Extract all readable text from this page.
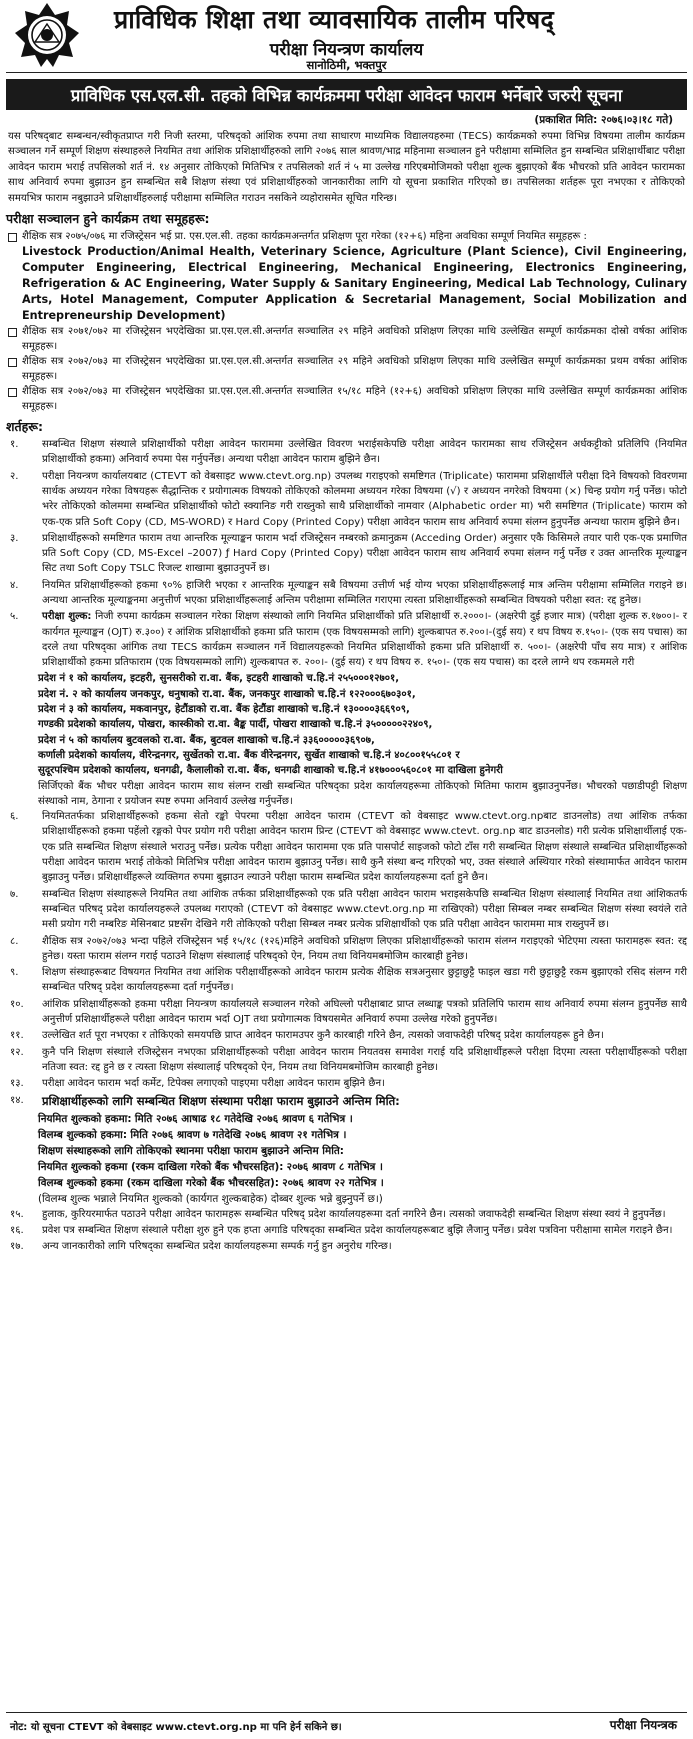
प्राविधिक शिक्षा तथा व्यावसायिक तालीम परिषद्
परीक्षा नियन्त्रण कार्यालय
सानोठिमी, भक्तपुर
प्राविधिक एस.एल.सी. तहको विभिन्न कार्यक्रममा परीक्षा आवेदन फाराम भर्नेबारे जरुरी सूचना
(प्रकाशित मिति: २०७६।०३।१८ गते)
यस परिषद्‌बाट सम्बन्धन/स्वीकृतप्राप्त गरी निजी स्तरमा, परिषद्‌को आंशिक रुपमा तथा साधारण माध्यमिक विद्यालयहरुमा (TECS) कार्यक्रमको रुपमा विभिन्न विषयमा तालीम कार्यक्रम सञ्चालन गर्ने सम्पूर्ण शिक्षण संस्थाहरुले नियमित तथा आंशिक प्रशिक्षार्थीहरुको लागि २०७६ साल श्रावण/भाद्र महिनामा सञ्चालन हुने परीक्षामा सम्मिलित हुन सम्बन्धित प्रशिक्षार्थीबाट परीक्षा आवेदन फाराम भराई तपसिलको शर्त नं. १४ अनुसार तोकिएको मितिभित्र र तपसिलको शर्त नं ५ मा उल्लेख गरिएबमोजिमको परीक्षा शुल्क बुझाएको बैंक भौचरको प्रति आवेदन फारामका साथ अनिवार्य रुपमा बुझाउन हुन सम्बन्धित सबै शिक्षण संस्था एवं प्रशिक्षार्थीहरुको जानकारीका लागि यो सूचना प्रकाशित गरिएको छ। तपसिलका शर्तहरू पूरा नभएका र तोकिएको समयभित्र फाराम नबुझाउने प्रशिक्षार्थीहरुलाई परीक्षामा सम्मिलित गराउन नसकिने व्यहोरासमेत सूचित गरिन्छ।
परीक्षा सञ्चालन हुने कार्यक्रम तथा समूहहरू:
शैक्षिक सत्र २०७५/०७६ मा रजिस्ट्रेसन भई प्रा. एस.एल.सी. तहका कार्यक्रमअन्तर्गत प्रशिक्षण पूरा गरेका (१२+६) महिना अवधिका सम्पूर्ण नियमित समूहहरू :
Livestock Production/Animal Health, Veterinary Science, Agriculture (Plant Science), Civil Engineering, Computer Engineering, Electrical Engineering, Mechanical Engineering, Electronics Engineering, Refrigeration & AC Engineering, Water Supply & Sanitary Engineering, Medical Lab Technology, Culinary Arts, Hotel Management, Computer Application & Secretarial Management, Social Mobilization and Entrepreneurship Development)
शैक्षिक सत्र २०७१/०७२ मा रजिस्ट्रेसन भएदेखिका प्रा.एस.एल.सी.अन्तर्गत सञ्चालित २९ महिने अवधिको प्रशिक्षण लिएका माथि उल्लेखित सम्पूर्ण कार्यक्रमका दोस्रो वर्षका आंशिक समूहहरू।
शैक्षिक सत्र २०७२/०७३ मा रजिस्ट्रेसन भएदेखिका प्रा.एस.एल.सी.अन्तर्गत सञ्चालित २९ महिने अवधिको प्रशिक्षण लिएका माथि उल्लेखित सम्पूर्ण कार्यक्रमका प्रथम वर्षका आंशिक समूहहरू।
शैक्षिक सत्र २०७२/०७३ मा रजिस्ट्रेसन भएदेखिका प्रा.एस.एल.सी.अन्तर्गत सञ्चालित १५/१८ महिने (१२+६) अवधिको प्रशिक्षण लिएका माथि उल्लेखित सम्पूर्ण कार्यक्रमका आंशिक समूहहरू।
शर्तहरू:
१.	सम्बन्धित शिक्षण संस्थाले प्रशिक्षार्थीको परीक्षा आवेदन फाराममा उल्लेखित विवरण भराईसकेपछि परीक्षा आवेदन फारामका साथ रजिस्ट्रेसन अर्धकट्टीको प्रतिलिपि (नियमित प्रशिक्षार्थीको हकमा) अनिवार्य रुपमा पेस गर्नुपर्नेछ। अन्यथा परीक्षा आवेदन फाराम बुझिने छैन।
२.	परीक्षा नियन्त्रण कार्यालयबाट (CTEVT को वेबसाइट www.ctevt.org.np) उपलब्ध गराइएको समष्टिगत (Triplicate) फाराममा प्रशिक्षार्थीले परीक्षा दिने विषयको विवरणमा सार्थक अध्ययन गरेका विषयहरू सैद्धान्तिक र प्रयोगात्मक विषयको तोकिएको कोलममा अध्ययन गरेका विषयमा (√) र अध्ययन नगरेको विषयमा (×) चिन्ह प्रयोग गर्नु पर्नेछ। फोटो भरेर तोकिएको कोलममा सम्बन्धित प्रशिक्षार्थीको फोटो स्क्यानिङ गरी राख्नुको साथै प्रशिक्षार्थीको नामवार (Alphabetic order मा) भरी समष्टिगत (Triplicate) फाराम को एक-एक प्रति Soft Copy (CD, MS-WORD) र Hard Copy (Printed Copy) परीक्षा आवेदन फाराम साथ अनिवार्य रुपमा संलग्न हुनुपर्नेछ अन्यथा फाराम बुझिने छैन।
३.	प्रशिक्षार्थीहरूको समष्टिगत फाराम तथा आन्तरिक मूल्याङ्कन फाराम भर्दा रजिस्ट्रेसन नम्बरको क्रमानुक्रम (Acceding Order) अनुसार एकै किसिमले तयार पारी एक-एक प्रमाणित प्रति Soft Copy (CD, MS-Excel –2007) ƒ Hard Copy (Printed Copy) परीक्षा आवेदन फाराम साथ अनिवार्य रुपमा संलग्न गर्नु पर्नेछ र उक्त आन्तरिक मूल्याङ्कन सिट तथा Soft Copy TSLC रिजल्ट शाखामा बुझाउनुपर्ने छ।
४.	नियमित प्रशिक्षार्थीहरूको हकमा ९०% हाजिरी भएका र आन्तरिक मूल्याङ्कन सबै विषयमा उत्तीर्ण भई योग्य भएका प्रशिक्षार्थीहरूलाई मात्र अन्तिम परीक्षामा सम्मिलित गराइने छ। अन्यथा आन्तरिक मूल्याङ्कनमा अनुत्तीर्ण भएका प्रशिक्षार्थीहरूलाई अन्तिम परीक्षामा सम्मिलित गराएमा त्यस्ता प्रशिक्षार्थीहरूको सम्बन्धित विषयको परीक्षा स्वत: रद्द हुनेछ।
५.	परीक्षा शुल्क: निजी रुपमा कार्यक्रम सञ्चालन गरेका शिक्षण संस्थाको लागि नियमित प्रशिक्षार्थीको प्रति प्रशिक्षार्थी रु.२०००।- (अक्षरेपी दुई हजार मात्र) (परीक्षा शुल्क रु.१७००।- र कार्यगत मूल्याङ्कन (OJT) रु.३००) र आंशिक प्रशिक्षार्थीको हकमा प्रति फाराम (एक विषयसम्मको लागि) शुल्कबापत रु.२००।-(दुई सय) र थप विषय रु.१५०।- (एक सय पचास) का दरले तथा परिषद्‌का आंगिक तथा TECS कार्यक्रम सञ्चालन गर्ने विद्यालयहरूको नियमित प्रशिक्षार्थीको हकमा प्रति प्रशिक्षार्थी रु. ५००।- (अक्षरेपी पाँच सय मात्र) र आंशिक प्रशिक्षार्थीको हकमा प्रतिफाराम (एक विषयसम्मको लागि) शुल्कबापत रु. २००।- (दुई सय) र थप विषय रु. १५०।- (एक सय पचास) का दरले लाग्ने थप रकममले गरी
प्रदेश नं १ को कार्यालय, इटहरी, सुनसरीको रा.वा. बैंक, इटहरी शाखाको च.हि.नं २५५०००१२७०१,
प्रदेश नं. २ को कार्यालय जनकपुर, धनुषाको रा.वा. बैंक, जनकपुर शाखाको च.हि.नं १२२०००६७०३०१,
प्रदेश नं ३ को कार्यालय, मकवानपुर, हेटौंडाको रा.वा. बैंक हेटौंडा शाखाको च.हि.नं १३००००३६६९०९,
गण्डकी प्रदेशको कार्यालय, पोखरा, कास्कीको रा.वा. बैङ्क पार्दी, पोखरा शाखाको च.हि.नं ३५०००००२२४०९,
प्रदेश नं ५ को कार्यालय बुटवलको रा.वा. बैंक, बुटवल शाखाको च.हि.नं ३३६०००००३६९०७,
कर्णाली प्रदेशको कार्यालय, वीरेन्द्रनगर, सुर्खेतको रा.वा. बैंक वीरेन्द्रनगर, सुर्खेत शाखाको च.हि.नं ४०८००१५५८०१ र
सुदूरपश्चिम प्रदेशको कार्यालय, धनगढी, कैलालीको रा.वा. बैंक, धनगढी शाखाको च.हि.नं ४१७०००५६०८०१ मा दाखिला हुनेगरी
सिर्जिएको बैंक भौचर परीक्षा आवेदन फाराम साथ संलग्न राखी सम्बन्धित परिषद्‌का प्रदेश कार्यालयहरूमा तोकिएको मितिमा फाराम बुझाउनुपर्नेछ। भौचरको पछाडीपट्टी शिक्षण संस्थाको नाम, ठेगाना र प्रयोजन स्पष्ट रुपमा अनिवार्य उल्लेख गर्नुपर्नेछ।
६.	नियमिततर्फका प्रशिक्षार्थीहरूको हकमा सेतो रङ्को पेपरमा परीक्षा आवेदन फाराम (CTEVT को वेबसाइट www.ctevt.org.npबाट डाउनलोड) तथा आंशिक तर्फका प्रशिक्षार्थीहरूको हकमा पहेंलो रङ्गको पेपर प्रयोग गरी परीक्षा आवेदन फाराम प्रिन्ट (CTEVT को वेबसाइट www.ctevt. org.np बाट डाउनलोड) गरी प्रत्येक प्रशिक्षार्थीलाई एक-एक प्रति सम्बन्धित शिक्षण संस्थाले भराउनु पर्नेछ। प्रत्येक परीक्षा आवेदन फाराममा एक प्रति पासपोर्ट साइजको फोटो टाँस गरी सम्बन्धित शिक्षण संस्थाले सम्बन्धित प्रशिक्षार्थीहरूको परीक्षा आवेदन फाराम भराई तोकेको मितिभित्र परीक्षा आवेदन फाराम बुझाउनु पर्नेछ। साथै कुनै संस्था बन्द गरिएको भए, उक्त संस्थाले अस्थियार गरेको संस्थामार्फत आवेदन फाराम बुझाउनु पर्नेछ। प्रशिक्षार्थीहरूले व्यक्तिगत रुपमा बुझाउन ल्याउने परीक्षा फाराम सम्बन्धित प्रदेश कार्यालयहरूमा दर्ता हुने छैन।
७.	सम्बन्धित शिक्षण संस्थाहरूले नियमित तथा आंशिक तर्फका प्रशिक्षार्थीहरूको एक प्रति परीक्षा आवेदन फाराम भराइसकेपछि सम्बन्धित शिक्षण संस्थालाई नियमित तथा आंशिकतर्फ सम्बन्धित परिषद् प्रदेश कार्यालयहरूले उपलब्ध गराएको (CTEVT को वेबसाइट www.ctevt.org.np मा राखिएको) परीक्षा सिम्बल नम्बर सम्बन्धित शिक्षण संस्था स्वयंले राते मसी प्रयोग गरी नम्बरिङ मेसिनबाट प्रष्टसँग देखिने गरी तोकिएको परीक्षा सिम्बल नम्बर प्रत्येक प्रशिक्षार्थीको एक प्रति परीक्षा आवेदन फाराममा मात्र राख्नुपर्ने छ।
८.	शैक्षिक सत्र २०७२/०७३ भन्दा पहिले रजिस्ट्रेसन भई १५/१८ (१२६)महिने अवधिको प्रशिक्षण लिएका प्रशिक्षार्थीहरूको फाराम संलग्न गराइएको भेटिएमा त्यस्ता फारामहरू स्वत: रद्द हुनेछ। यस्ता फाराम संलग्न गराई पठाउने शिक्षण संस्थालाई परिषद्‌को ऐन, नियम तथा विनियमबमोजिम कारबाही हुनेछ।
९.	शिक्षण संस्थाहरूबाट विषयगत नियमित तथा आंशिक परीक्षार्थीहरूको आवेदन फाराम प्रत्येक शैक्षिक सत्रअनुसार छुट्टाछुट्टै फाइल खडा गरी छुट्टाछुट्टै रकम बुझाएको रसिद संलग्न गरी सम्बन्धित परिषद् प्रदेश कार्यालयहरूमा दर्ता गर्नुपर्नेछ।
१०.	आंशिक प्रशिक्षार्थीहरूको हकमा परीक्षा नियन्त्रण कार्यालयले सञ्चालन गरेको अघिल्लो परीक्षाबाट प्राप्त लब्धाङ्क पत्रको प्रतिलिपि फाराम साथ अनिवार्य रुपमा संलग्न हुनुपर्नेछ साथै अनुत्तीर्ण प्रशिक्षार्थीहरूले परीक्षा आवेदन फाराम भर्दा OJT तथा प्रयोगात्मक विषयसमेत अनिवार्य रुपमा उल्लेख गरेको हुनुपर्नेछ।
११.	उल्लेखित शर्त पूरा नभएका र तोकिएको समयपछि प्राप्त आवेदन फारामउपर कुनै कारबाही गरिने छैन, त्यसको जवाफदेही परिषद् प्रदेश कार्यालयहरू हुने छैन।
१२.	कुनै पनि शिक्षण संस्थाले रजिस्ट्रेसन नभएका प्रशिक्षार्थीहरूको परीक्षा आवेदन फाराम नियतवस समावेश गराई यदि प्रशिक्षार्थीहरूले परीक्षा दिएमा त्यस्ता परीक्षार्थीहरूको परीक्षा नतिजा स्वत: रद्द हुने छ र त्यस्ता शिक्षण संस्थालाई परिषद्‌को ऐन, नियम तथा विनियमबमोजिम कारबाही हुनेछ।
१३.	परीक्षा आवेदन फाराम भर्दा कर्मेट, टिपेक्स लगाएको पाइएमा परीक्षा आवेदन फाराम बुझिने छैन।
१४.	प्रशिक्षार्थीहरूको लागि सम्बन्धित शिक्षण संस्थामा परीक्षा फाराम बुझाउने अन्तिम मिति:
नियमित शुल्कको हकमा: मिति २०७६ आषाढ १८ गतेदेखि २०७६ श्रावण ६ गतेभित्र ।
विलम्ब शुल्कको हकमा: मिति २०७६ श्रावण ७ गतेदेखि २०७६ श्रावण २१ गतेभित्र ।
शिक्षण संस्थाहरूको लागि तोकिएको स्थानमा परीक्षा फाराम बुझाउने अन्तिम मिति:
नियमित शुल्कको हकमा (रकम दाखिला गरेको बैंक भौचरसहित): २०७६ श्रावण ८ गतेभित्र ।
विलम्ब शुल्कको हकमा (रकम दाखिला गरेको बैंक भौचरसहित): २०७६ श्रावण २२ गतेभित्र ।
(विलम्ब शुल्क भन्नाले नियमित शुल्कको (कार्यगत शुल्कबाहेक) दोब्बर शुल्क भन्ने बुझ्नुपर्ने छ।)
१५.	हुलाक, कुरियरमार्फत पठाउने परीक्षा आवेदन फारामहरू सम्बन्धित परिषद् प्रदेश कार्यालयहरूमा दर्ता नगरिने छैन। त्यसको जवाफदेही सम्बन्धित शिक्षण संस्था स्वयं ने हुनुपर्नेछ।
१६.	प्रवेश पत्र सम्बन्धित शिक्षण संस्थाले परीक्षा शुरु हुने एक हप्ता अगाडि परिषद्‌का सम्बन्धित प्रदेश कार्यालयहरूबाट बुझि लैजानु पर्नेछ। प्रवेश पत्रविना परीक्षामा सामेल गराइने छैन।
१७.	अन्य जानकारीको लागि परिषद्‌का सम्बन्धित प्रदेश कार्यालयहरूमा सम्पर्क गर्नु हुन अनुरोध गरिन्छ।
नोट: यो सूचना CTEVT को वेबसाइट www.ctevt.org.np मा पनि हेर्न सकिने छ।	परीक्षा नियन्त्रक
